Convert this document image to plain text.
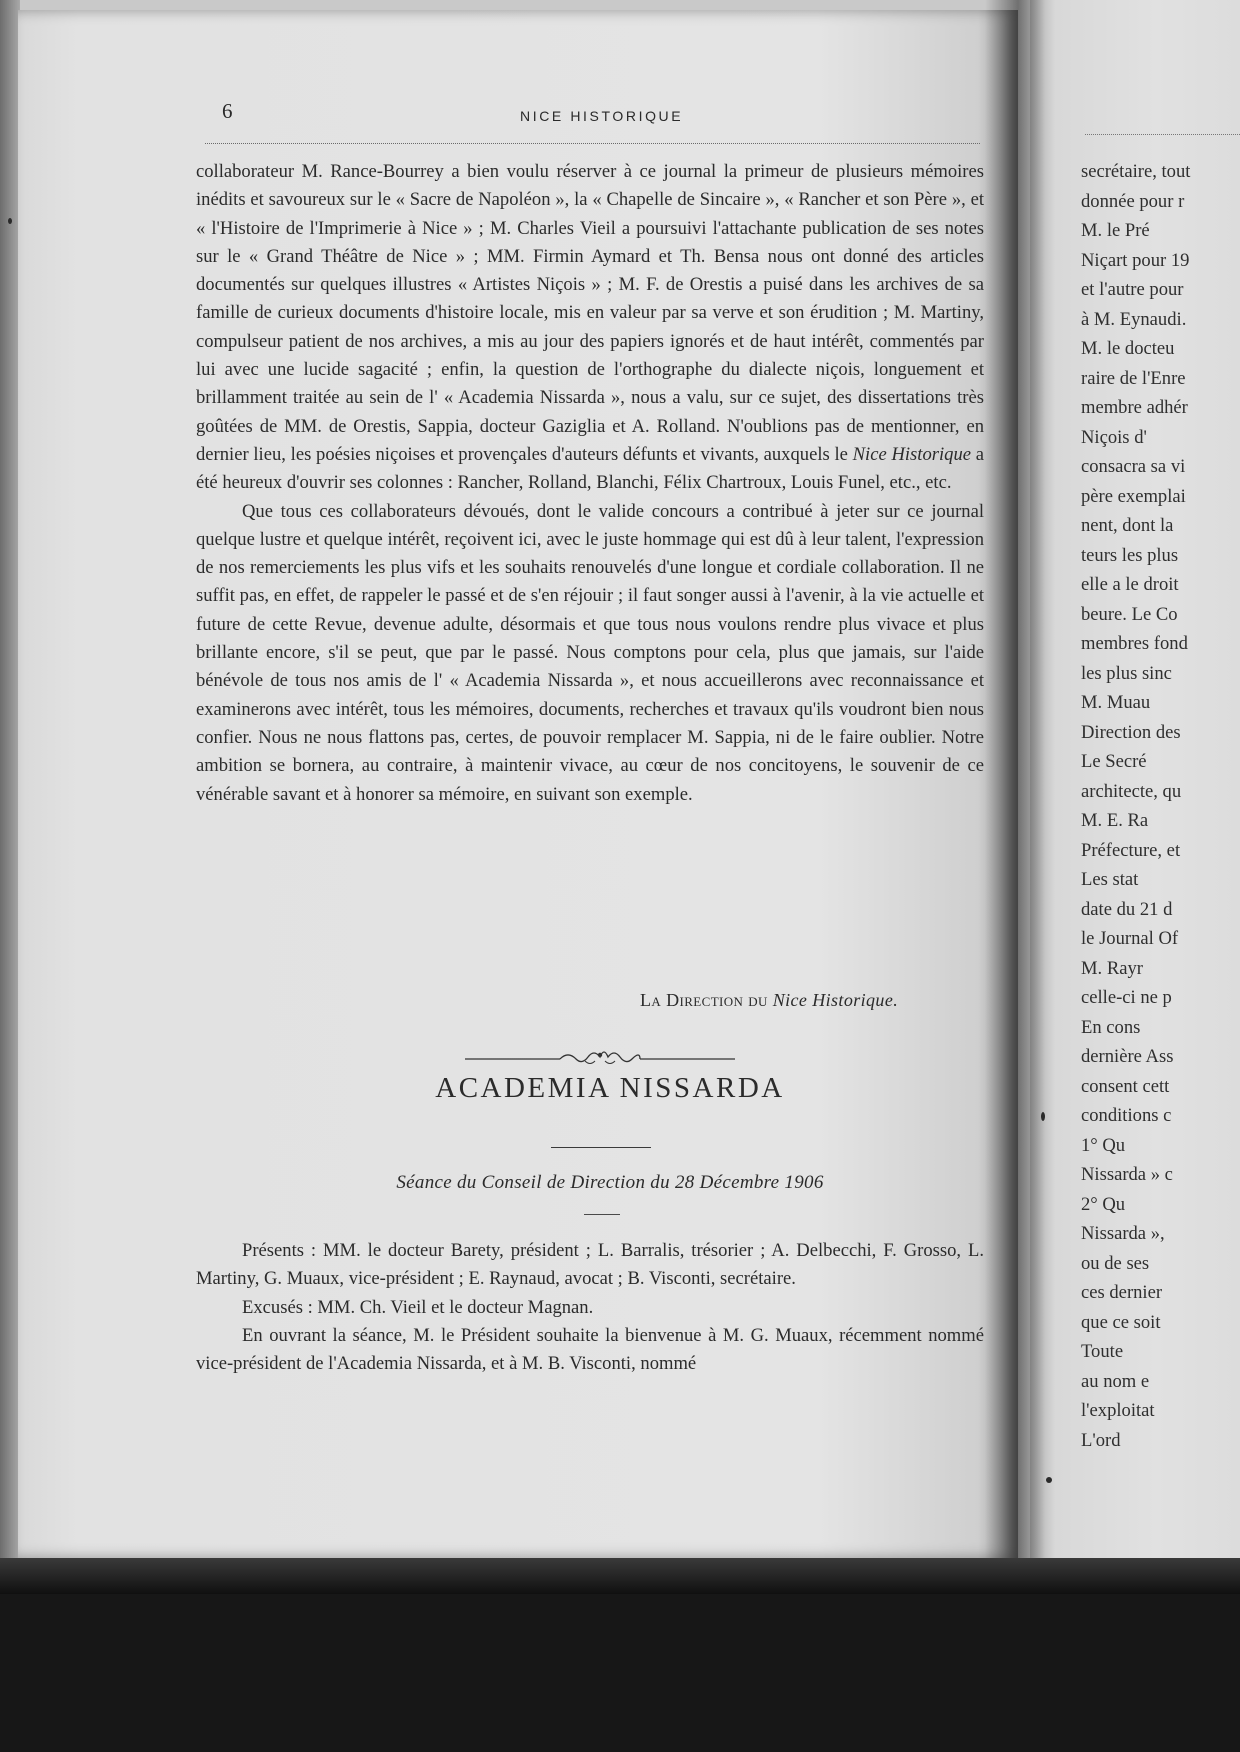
6	NICE HISTORIQUE

collaborateur M. Rance-Bourrey a bien voulu réserver à ce journal la primeur de plusieurs mémoires inédits et savoureux sur le « Sacre de Napoléon », la « Chapelle de Sincaire », « Rancher et son Père », et « l'Histoire de l'Imprimerie à Nice » ; M. Charles Vieil a poursuivi l'attachante publication de ses notes sur le « Grand Théâtre de Nice » ; MM. Firmin Aymard et Th. Bensa nous ont donné des articles documentés sur quelques illustres « Artistes Niçois » ; M. F. de Orestis a puisé dans les archives de sa famille de curieux documents d'histoire locale, mis en valeur par sa verve et son érudition ; M. Martiny, compulseur patient de nos archives, a mis au jour des papiers ignorés et de haut intérêt, commentés par lui avec une lucide sagacité ; enfin, la question de l'orthographe du dialecte niçois, longuement et brillamment traitée au sein de l' « Academia Nissarda », nous a valu, sur ce sujet, des dissertations très goûtées de MM. de Orestis, Sappia, docteur Gaziglia et A. Rolland. N'oublions pas de mentionner, en dernier lieu, les poésies niçoises et provençales d'auteurs défunts et vivants, auxquels le Nice Historique a été heureux d'ouvrir ses colonnes : Rancher, Rolland, Blanchi, Félix Chartroux, Louis Funel, etc., etc.

Que tous ces collaborateurs dévoués, dont le valide concours a contribué à jeter sur ce journal quelque lustre et quelque intérêt, reçoivent ici, avec le juste hommage qui est dû à leur talent, l'expression de nos remerciements les plus vifs et les souhaits renouvelés d'une longue et cordiale collaboration. Il ne suffit pas, en effet, de rappeler le passé et de s'en réjouir ; il faut songer aussi à l'avenir, à la vie actuelle et future de cette Revue, devenue adulte, désormais et que tous nous voulons rendre plus vivace et plus brillante encore, s'il se peut, que par le passé. Nous comptons pour cela, plus que jamais, sur l'aide bénévole de tous nos amis de l' « Academia Nissarda », et nous accueillerons avec reconnaissance et examinerons avec intérêt, tous les mémoires, documents, recherches et travaux qu'ils voudront bien nous confier. Nous ne nous flattons pas, certes, de pouvoir remplacer M. Sappia, ni de le faire oublier. Notre ambition se bornera, au contraire, à maintenir vivace, au cœur de nos concitoyens, le souvenir de ce vénérable savant et à honorer sa mémoire, en suivant son exemple.

La Direction du Nice Historique.
ACADEMIA NISSARDA
Séance du Conseil de Direction du 28 Décembre 1906

Présents : MM. le docteur Barety, président ; L. Barralis, trésorier ; A. Delbecchi, F. Grosso, L. Martiny, G. Muaux, vice-président ; E. Raynaud, avocat ; B. Visconti, secrétaire.

Excusés : MM. Ch. Vieil et le docteur Magnan.

En ouvrant la séance, M. le Président souhaite la bienvenue à M. G. Muaux, récemment nommé vice-président de l'Academia Nissarda, et à M. B. Visconti, nommé

secrétaire, tout
donnée pour r
M. le Pré
Niçart pour 19
et l'autre pour
à M. Eynaudi.
M. le docteu
raire de l'Enre
membre adhér
Niçois d'
consacra sa vi
père exemplai
nent, dont la
teurs les plus
elle a le droit
beure. Le Co
membres fond
les plus sinc
M. Muau
Direction des
Le Secré
architecte, qu
M. E. Ra
Préfecture, et
Les stat
date du 21 d
le Journal Of
M. Rayr
celle-ci ne p
En cons
dernière Ass
consent cett
conditions c
1° Qu
Nissarda » c
2° Qu
Nissarda »,
ou de ses
ces dernier
que ce soit
Toute
au nom e
l'exploitat
L'ord
